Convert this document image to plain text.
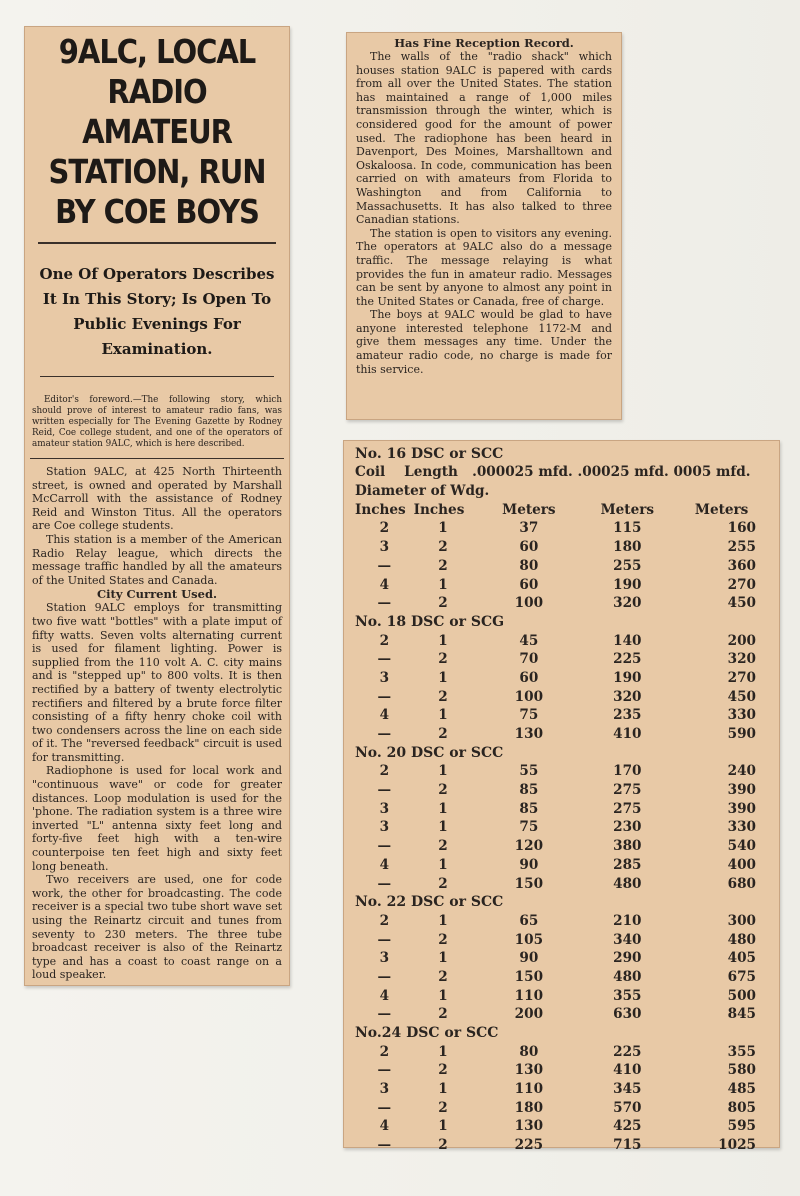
9ALC, LOCAL RADIO AMATEUR STATION, RUN BY COE BOYS
One Of Operators Describes It In This Story; Is Open To Public Evenings For Examination.
Editor's foreword.—The following story, which should prove of interest to amateur radio fans, was written especially for The Evening Gazette by Rodney Reid, Coe college student, and one of the operators of amateur station 9ALC, which is here described.

Station 9ALC, at 425 North Thirteenth street, is owned and operated by Marshall McCarroll with the assistance of Rodney Reid and Winston Titus. All the operators are Coe college students.

This station is a member of the American Radio Relay league, which directs the message traffic handled by all the amateurs of the United States and Canada.

City Current Used.

Station 9ALC employs for transmitting two five watt "bottles" with a plate imput of fifty watts. Seven volts alternating current is used for filament lighting. Power is supplied from the 110 volt A. C. city mains and is "stepped up" to 800 volts. It is then rectified by a battery of twenty electrolytic rectifiers and filtered by a brute force filter consisting of a fifty henry choke coil with two condensers across the line on each side of it. The "reversed feedback" circuit is used for transmitting.

Radiophone is used for local work and "continuous wave" or code for greater distances. Loop modulation is used for the 'phone. The radiation system is a three wire inverted "L" antenna sixty feet long and forty-five feet high with a ten-wire counterpoise ten feet high and sixty feet long beneath.

Two receivers are used, one for code work, the other for broadcasting. The code receiver is a special two tube short wave set using the Reinartz circuit and tunes from seventy to 230 meters. The three tube broadcast receiver is also of the Reinartz type and has a coast to coast range on a loud speaker.

Has Fine Reception Record.

The walls of the "radio shack" which houses station 9ALC is papered with cards from all over the United States. The station has maintained a range of 1,000 miles transmission through the winter, which is considered good for the amount of power used. The radiophone has been heard in Davenport, Des Moines, Marshalltown and Oskaloosa. In code, communication has been carried on with amateurs from Florida to Washington and from California to Massachusetts. It has also talked to three Canadian stations.

The station is open to visitors any evening. The operators at 9ALC also do a message traffic. The message relaying is what provides the fun in amateur radio. Messages can be sent by anyone to almost any point in the United States or Canada, free of charge.

The boys at 9ALC would be glad to have anyone interested telephone 1172-M and give them messages any time. Under the amateur radio code, no charge is made for this service.

No. 16 DSC or SCC
Coil    Length   .000025 mfd. .00025 mfd. 0005 mfd.
Diameter of Wdg.
Inches	Inches	Meters	Meters	Meters
2	1	37	115	160
3	2	60	180	255
—	2	80	255	360
4	1	60	190	270
—	2	100	320	450
No. 18 DSC or SCG				
2	1	45	140	200
—	2	70	225	320
3	1	60	190	270
—	2	100	320	450
4	1	75	235	330
—	2	130	410	590
No. 20 DSC or SCC				
2	1	55	170	240
—	2	85	275	390
3	1	85	275	390
3	1	75	230	330
—	2	120	380	540
4	1	90	285	400
—	2	150	480	680
No. 22 DSC or SCC				
2	1	65	210	300
—	2	105	340	480
3	1	90	290	405
—	2	150	480	675
4	1	110	355	500
—	2	200	630	845
No.24 DSC or SCC				
2	1	80	225	355
—	2	130	410	580
3	1	110	345	485
—	2	180	570	805
4	1	130	425	595
—	2	225	715	1025
